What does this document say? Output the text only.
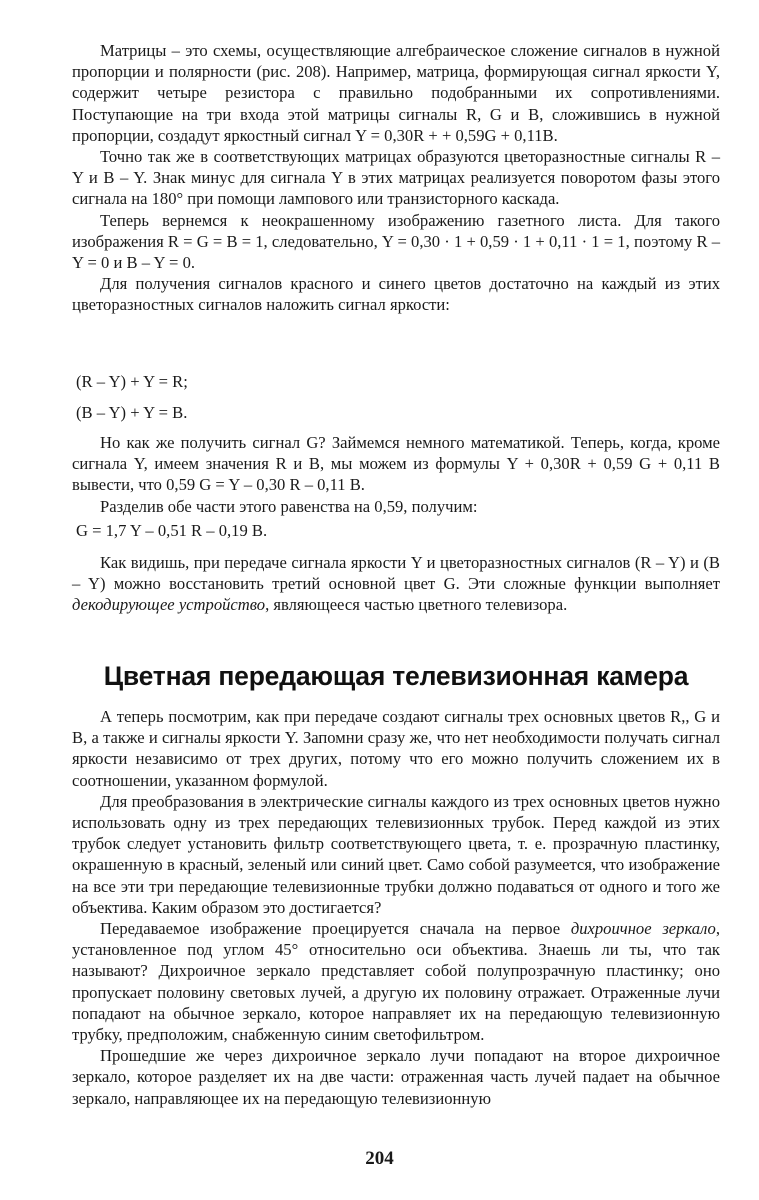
Матрицы – это схемы, осуществляющие алгебраическое сложение сигналов в нужной пропорции и полярности (рис. 208). Например, матрица, формирующая сигнал яркости Y, содержит четыре резистора с правильно подобранными их сопротивлениями. Поступающие на три входа этой матрицы сигналы R, G и B, сложившись в нужной пропорции, создадут яркостный сигнал Y = 0,30R + + 0,59G + 0,11B.

Точно так же в соответствующих матрицах образуются цветоразностные сигналы R – Y и B – Y. Знак минус для сигнала Y в этих матрицах реализуется поворотом фазы этого сигнала на 180° при помощи лампового или транзисторного каскада.

Теперь вернемся к неокрашенному изображению газетного листа. Для такого изображения R = G = B = 1, следовательно, Y = 0,30 · 1 + 0,59 · 1 + 0,11 · 1 = 1, поэтому R – Y = 0 и B – Y = 0.

Для получения сигналов красного и синего цветов достаточно на каждый из этих цветоразностных сигналов наложить сигнал яркости:

(R – Y) + Y = R;

(B – Y) + Y = B.

Но как же получить сигнал G? Займемся немного математикой. Теперь, когда, кроме сигнала Y, имеем значения R и B, мы можем из формулы Y + 0,30R + 0,59 G + 0,11 B вывести, что 0,59 G = Y – 0,30 R – 0,11 B.

Разделив обе части этого равенства на 0,59, получим:

G = 1,7 Y – 0,51 R – 0,19 B.

Как видишь, при передаче сигнала яркости Y и цветоразностных сигналов (R – Y) и (B – Y) можно восстановить третий основной цвет G. Эти сложные функции выполняет декодирующее устройство, являющееся частью цветного телевизора.

Цветная передающая телевизионная камера

А теперь посмотрим, как при передаче создают сигналы трех основных цветов R,, G и B, а также и сигналы яркости Y. Запомни сразу же, что нет необходимости получать сигнал яркости независимо от трех других, потому что его можно получить сложением их в соотношении, указанном формулой.

Для преобразования в электрические сигналы каждого из трех основных цветов нужно использовать одну из трех передающих телевизионных трубок. Перед каждой из этих трубок следует установить фильтр соответствующего цвета, т. е. прозрачную пластинку, окрашенную в красный, зеленый или синий цвет. Само собой разумеется, что изображение на все эти три передающие телевизионные трубки должно подаваться от одного и того же объектива. Каким образом это достигается?

Передаваемое изображение проецируется сначала на первое дихроичное зеркало, установленное под углом 45° относительно оси объектива. Знаешь ли ты, что так называют? Дихроичное зеркало представляет собой полупрозрачную пластинку; оно пропускает половину световых лучей, а другую их половину отражает. Отраженные лучи попадают на обычное зеркало, которое направляет их на передающую телевизионную трубку, предположим, снабженную синим светофильтром.

Прошедшие же через дихроичное зеркало лучи попадают на второе дихроичное зеркало, которое разделяет их на две части: отраженная часть лучей падает на обычное зеркало, направляющее их на передающую телевизионную

204
